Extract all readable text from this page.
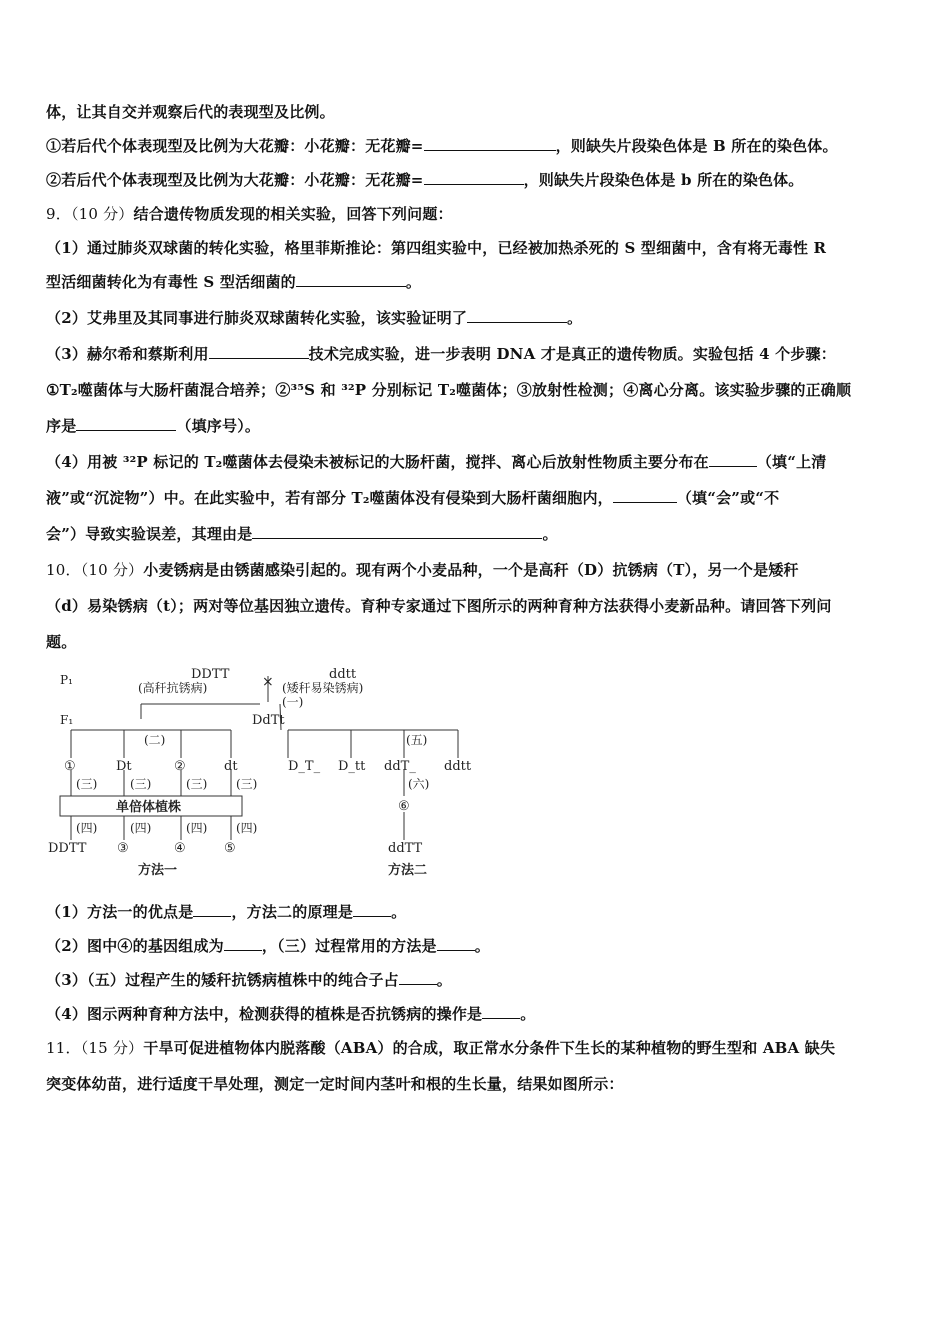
体，让其自交并观察后代的表现型及比例。
①若后代个体表现型及比例为大花瓣：小花瓣：无花瓣=	，则缺失片段染色体是 B 所在的染色体。
②若后代个体表现型及比例为大花瓣：小花瓣：无花瓣=	，则缺失片段染色体是 b 所在的染色体。
9．（10 分）结合遗传物质发现的相关实验，回答下列问题：
（1）通过肺炎双球菌的转化实验，格里菲斯推论：第四组实验中，已经被加热杀死的 S 型细菌中，含有将无毒性 R
型活细菌转化为有毒性 S 型活细菌的	。
（2）艾弗里及其同事进行肺炎双球菌转化实验，该实验证明了	。
（3）赫尔希和蔡斯利用	技术完成实验，进一步表明 DNA 才是真正的遗传物质。实验包括 4 个步骤：
①T₂噬菌体与大肠杆菌混合培养；②³⁵S 和 ³²P 分别标记 T₂噬菌体；③放射性检测；④离心分离。该实验步骤的正确顺
序是	（填序号）。
（4）用被 ³²P 标记的 T₂噬菌体去侵染未被标记的大肠杆菌，搅拌、离心后放射性物质主要分布在	（填“上清
液”或“沉淀物”）中。在此实验中，若有部分 T₂噬菌体没有侵染到大肠杆菌细胞内，	（填“会”或“不
会”）导致实验误差，其理由是	。
10．（10 分）小麦锈病是由锈菌感染引起的。现有两个小麦品种，一个是高秆（D）抗锈病（T），另一个是矮秆
（d）易染锈病（t）；两对等位基因独立遗传。育种专家通过下图所示的两种育种方法获得小麦新品种。请回答下列问
题。
P₁	DDTT
(高秆抗锈病)	×	ddtt
(矮秆易染锈病)
(一)
F₁	DdTt
(二)	(五)
①	Dt	②	dt
(三)	(三)	(三) (三)
单倍体植株
(四)	(四)	(四) (四)
DDTT ③	④	⑤
D_T_ D_tt ddT_ ddtt
(六)
⑥
ddTT
方法一	方法二
（1）方法一的优点是	，方法二的原理是	。
（2）图中④的基因组成为	，（三）过程常用的方法是	。
（3）（五）过程产生的矮秆抗锈病植株中的纯合子占	。
（4）图示两种育种方法中，检测获得的植株是否抗锈病的操作是	。
11．（15 分）干旱可促进植物体内脱落酸（ABA）的合成，取正常水分条件下生长的某种植物的野生型和 ABA 缺失
突变体幼苗，进行适度干旱处理，测定一定时间内茎叶和根的生长量，结果如图所示：
